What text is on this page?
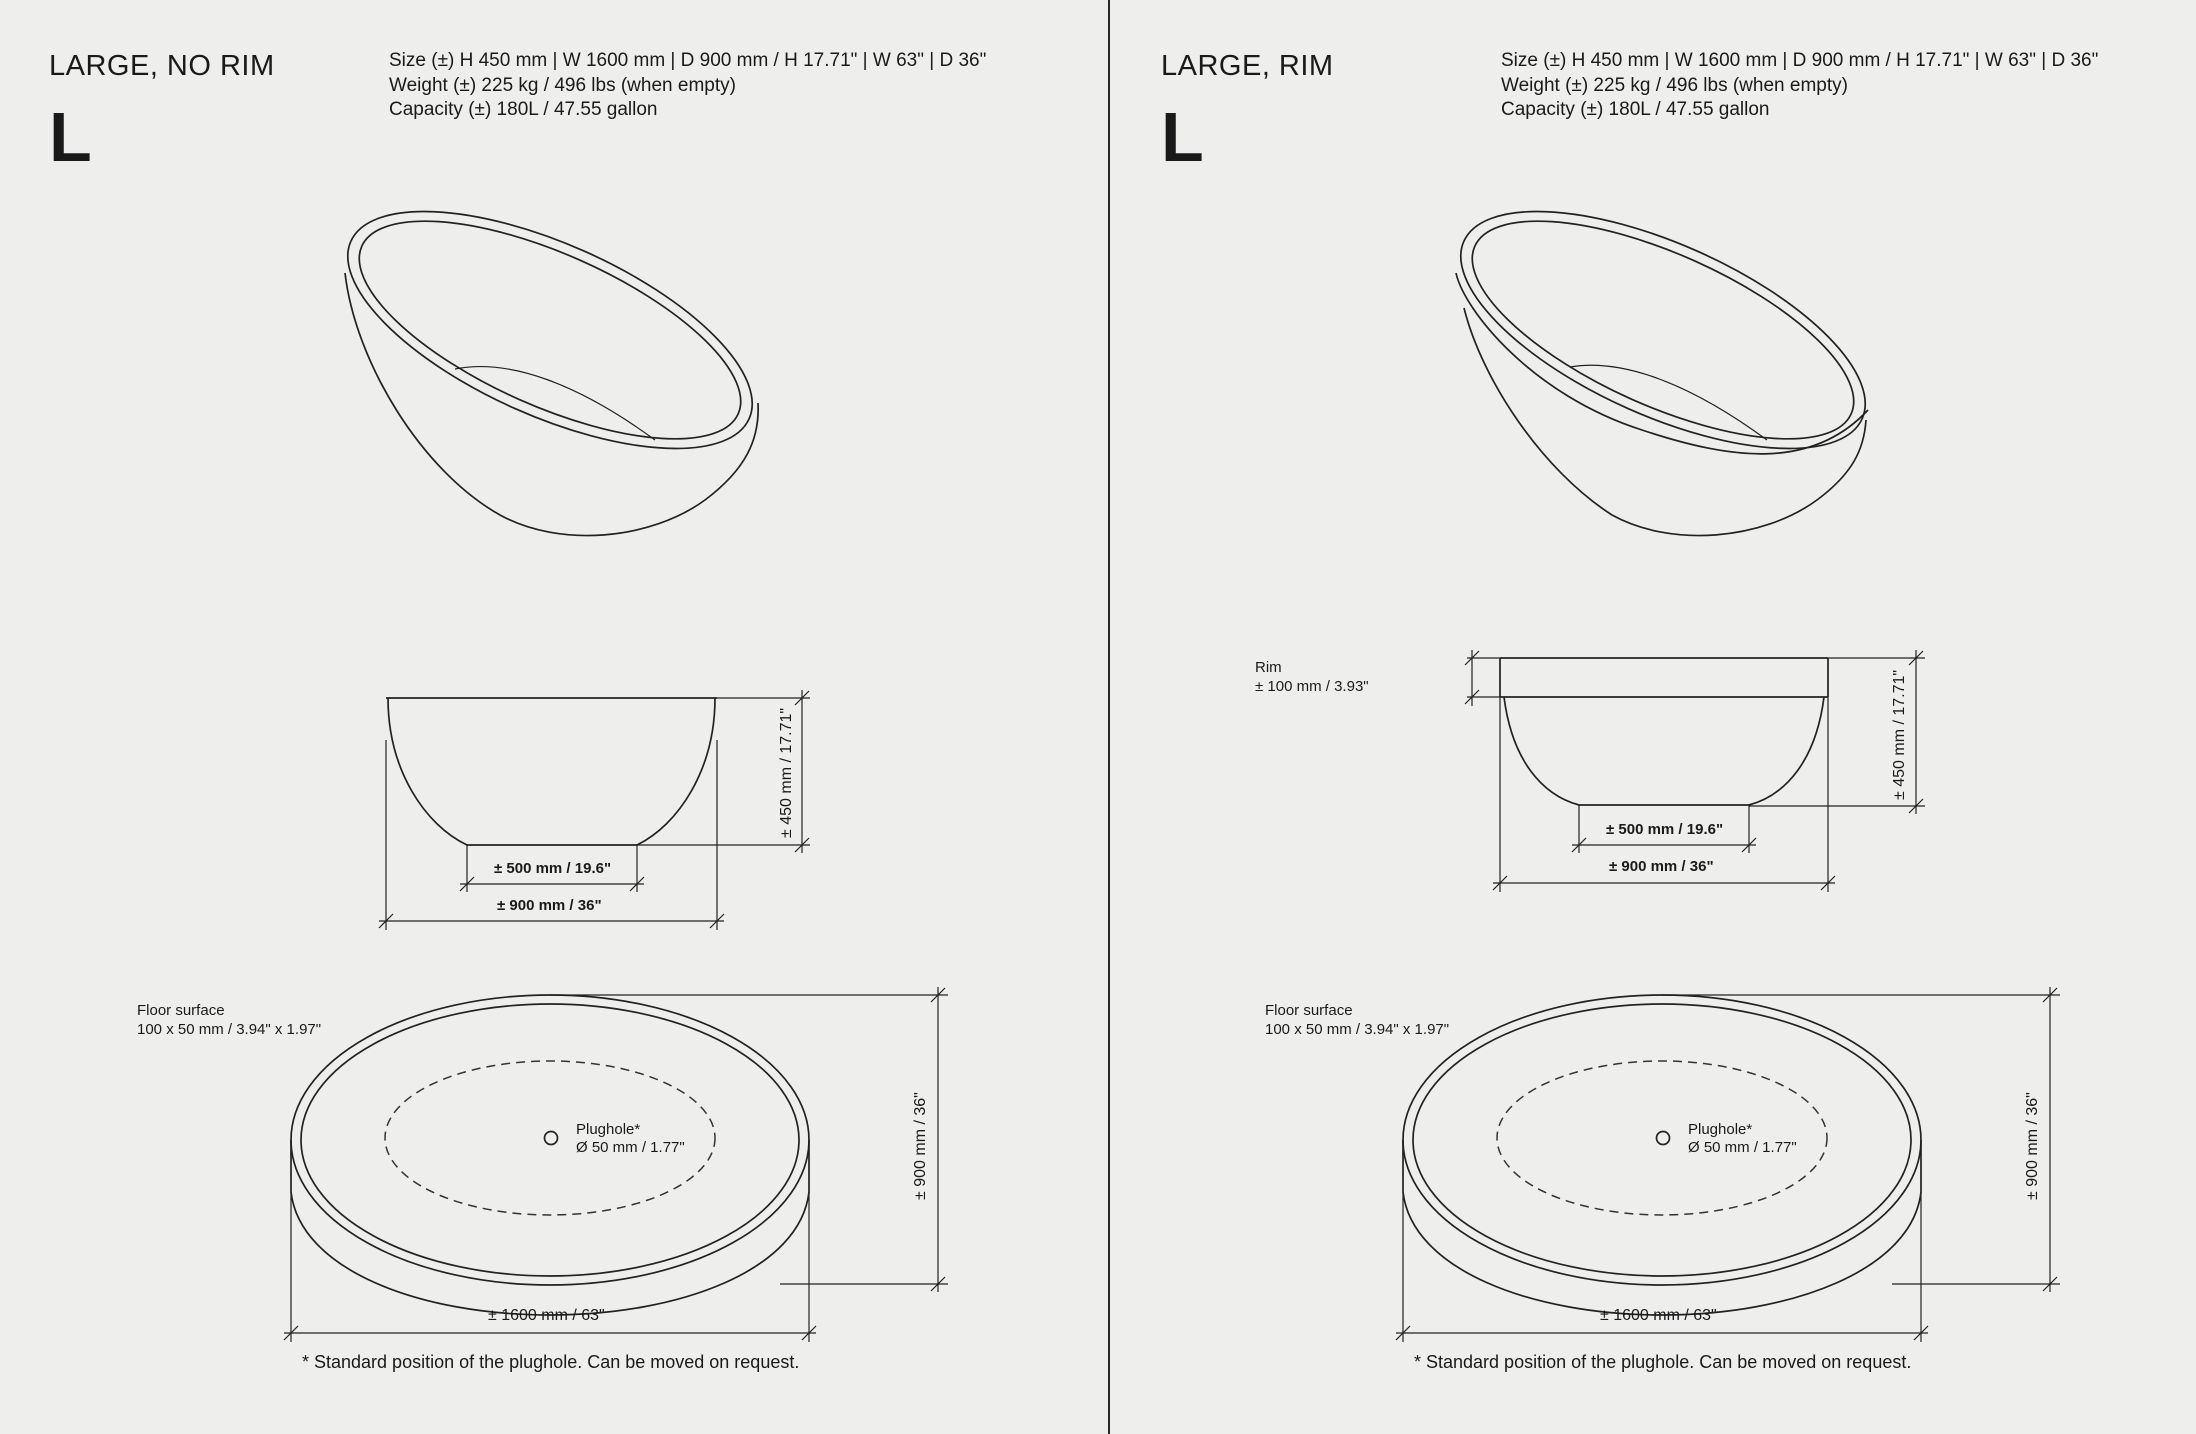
LARGE, NO RIM
L
Size (±) H 450 mm | W 1600 mm | D 900 mm / H 17.71" | W 63" | D 36"
Weight (±) 225 kg / 496 lbs (when empty)
Capacity (±) 180L / 47.55 gallon
± 450 mm / 17.71"
± 500 mm / 19.6"
± 900 mm / 36"
Floor surface
100 x 50 mm / 3.94" x 1.97"
Plughole*
Ø 50 mm / 1.77"	± 900 mm / 36"
± 1600 mm / 63"
* Standard position of the plughole. Can be moved on request.
LARGE, RIM
L
Size (±) H 450 mm | W 1600 mm | D 900 mm / H 17.71" | W 63" | D 36"
Weight (±) 225 kg / 496 lbs (when empty)
Capacity (±) 180L / 47.55 gallon
Rim
± 100 mm / 3.93"	± 450 mm / 17.71"
± 500 mm / 19.6"
± 900 mm / 36"
Floor surface
100 x 50 mm / 3.94" x 1.97"
Plughole*
Ø 50 mm / 1.77"	± 900 mm / 36"
± 1600 mm / 63"
* Standard position of the plughole. Can be moved on request.
